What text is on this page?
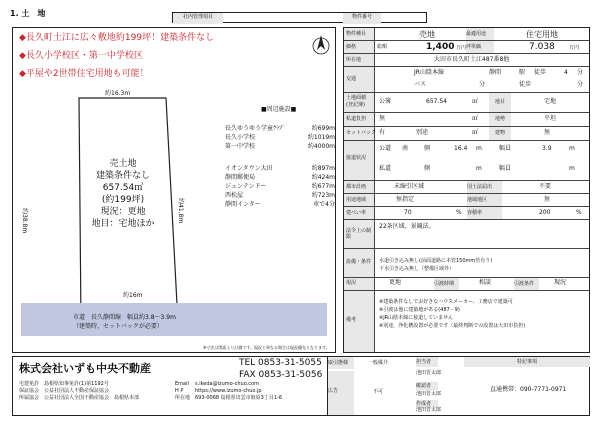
1. 土　地	社内管理項目	物件番号
◆長久町土江に広々敷地約199坪！建築条件なし
◆長久小学校区・第一中学校区
◆平屋や2世帯住宅用地も可能！
約16.3m
約38.8m	約41.8m
約16m
売土地
建築条件なし
657.54㎡
(約199坪)
現況：更地
地目：宅地ほか
市道　長久静間線　幅員約3.8～3.9m
（建築時、セットバックが必要）
※寸法は図面より計測です。現況と異なる場合は現況優先となります。
■周辺施設■
長久ゆうゆう学童ｸﾗﾌﾞ	約699m
長久小学校	約1019m
第一中学校	約4000m
イオンタウン大田	約897m
静間郵便局	約424m
ジュンテンドー	約677m
西松屋	約723m
静間インター	車で4分
物件種目	売地	最適用途	住宅用地
価格	総額	1,400 万円 坪単価	7.038	万円
所在地	大田市長久町土江487番8他
交通
JR山陰本線	静間	駅 徒歩	4 分
バス	分	徒歩	分
土地面積
(登記簿) 公簿	657.54	㎡	地目	宅地
私道負担 無	㎡	地勢	平坦
セットバック 有	別途	㎡	建物	無
接道状況
公道 南	側	16.4 m	幅員	3.9	m
私道	側	m	幅員	m
都市計画	未線引区域	国土法届出	不要
用途地域	無指定	地域地区	無
建ぺい率	70	% 容積率	200	%
法令上の制限
22条区域、景観法。
設備・条件 水道引き込み無し(前面道路に本管150mm管有り)
下水引き込み無し（整備区域外）
現況	更地	引渡時期	相談	引渡条件	現況
備考
※建築条件なしでお好きなハウスメーカー、工務店で建築可
※引渡は他に建築地がある(487－9)
※JR山陰本線に接道していません
※別途、浄化槽設置が必要です（最終判断での設置は大田市負担)
株式会社いずも中央不動産	TEL 0853-31-5055
FAX 0853-31-5056
宅建免許　 島根県知事免許(1)第1192号
保証協会　 公益社団法人不動産保証協会
所属協会　 公益社団法人全国不動産協会　島根県本部
Email s.ikeda@izumo-chuo.com
H P https://www.izumo-chuo.jp
所在地 693-0068 島根県出雲市姫原3丁目1-6
取引態様	一般媒介
広告	不可
担当者
池田晋太郎
確認者
池田晋太郎
作成者
池田晋太郎
特記事項
直通携帯：090-7771-0971
